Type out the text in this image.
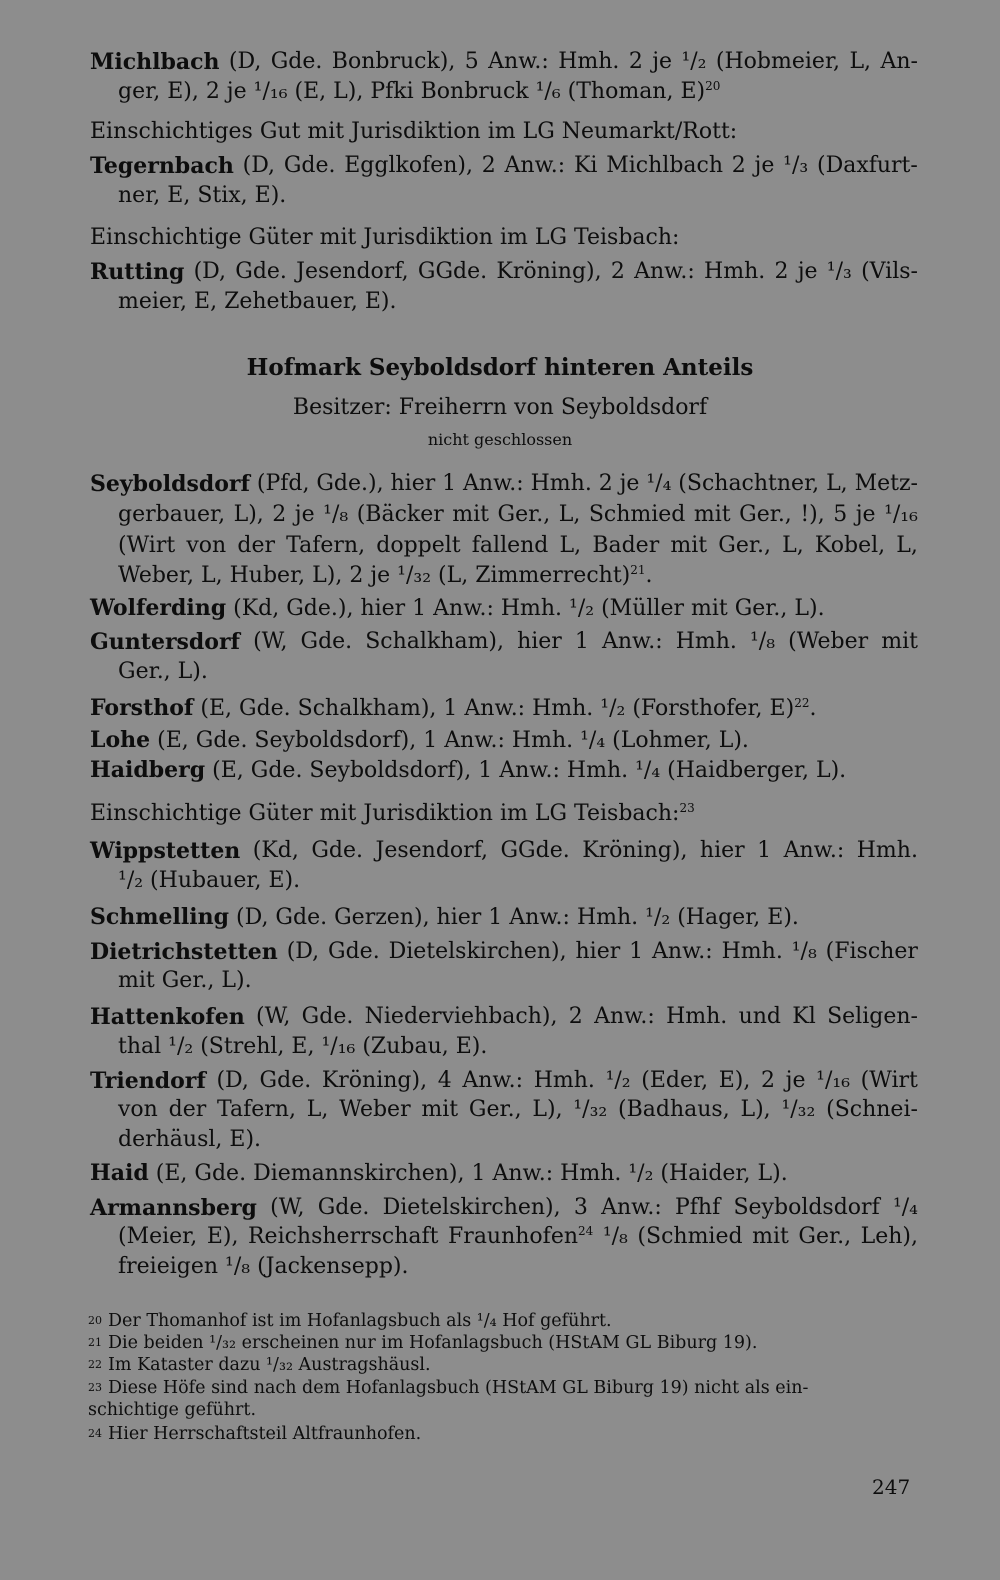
Michlbach (D, Gde. Bonbruck), 5 Anw.: Hmh. 2 je ¹/₂ (Hobmeier, L, An-
ger, E), 2 je ¹/₁₆ (E, L), Pfki Bonbruck ¹/₆ (Thoman, E)$^{20}$
Einschichtiges Gut mit Jurisdiktion im LG Neumarkt/Rott:
Tegernbach (D, Gde. Egglkofen), 2 Anw.: Ki Michlbach 2 je ¹/₃ (Daxfurt-
ner, E, Stix, E).
Einschichtige Güter mit Jurisdiktion im LG Teisbach:
Rutting (D, Gde. Jesendorf, GGde. Kröning), 2 Anw.: Hmh. 2 je ¹/₃ (Vils-
meier, E, Zehetbauer, E).
Seyboldsdorf (Pfd, Gde.), hier 1 Anw.: Hmh. 2 je ¹/₄ (Schachtner, L, Metz-
gerbauer, L), 2 je ¹/₈ (Bäcker mit Ger., L, Schmied mit Ger., !), 5 je ¹/₁₆
(Wirt von der Tafern, doppelt fallend L, Bader mit Ger., L, Kobel, L,
Weber, L, Huber, L), 2 je ¹/₃₂ (L, Zimmerrecht)$^{21}$.
Wolferding (Kd, Gde.), hier 1 Anw.: Hmh. ¹/₂ (Müller mit Ger., L).
Guntersdorf (W, Gde. Schalkham), hier 1 Anw.: Hmh. ¹/₈ (Weber mit
Ger., L).
Forsthof (E, Gde. Schalkham), 1 Anw.: Hmh. ¹/₂ (Forsthofer, E)$^{22}$.
Lohe (E, Gde. Seyboldsdorf), 1 Anw.: Hmh. ¹/₄ (Lohmer, L).
Haidberg (E, Gde. Seyboldsdorf), 1 Anw.: Hmh. ¹/₄ (Haidberger, L).
Einschichtige Güter mit Jurisdiktion im LG Teisbach:$^{23}$
Wippstetten (Kd, Gde. Jesendorf, GGde. Kröning), hier 1 Anw.: Hmh.
¹/₂ (Hubauer, E).
Schmelling (D, Gde. Gerzen), hier 1 Anw.: Hmh. ¹/₂ (Hager, E).
Dietrichstetten (D, Gde. Dietelskirchen), hier 1 Anw.: Hmh. ¹/₈ (Fischer
mit Ger., L).
Hattenkofen (W, Gde. Niederviehbach), 2 Anw.: Hmh. und Kl Seligen-
thal ¹/₂ (Strehl, E, ¹/₁₆ (Zubau, E).
Triendorf (D, Gde. Kröning), 4 Anw.: Hmh. ¹/₂ (Eder, E), 2 je ¹/₁₆ (Wirt
von der Tafern, L, Weber mit Ger., L), ¹/₃₂ (Badhaus, L), ¹/₃₂ (Schnei-
derhäusl, E).
Haid (E, Gde. Diemannskirchen), 1 Anw.: Hmh. ¹/₂ (Haider, L).
Armannsberg (W, Gde. Dietelskirchen), 3 Anw.: Pfhf Seyboldsdorf ¹/₄
(Meier, E), Reichsherrschaft Fraunhofen$^{24}$ ¹/₈ (Schmied mit Ger., Leh),
freieigen ¹/₈ (Jackensepp).
Hofmark Seyboldsdorf hinteren Anteils
Besitzer: Freiherrn von Seyboldsdorf
nicht geschlossen
20 Der Thomanhof ist im Hofanlagsbuch als ¹/₄ Hof geführt.
21 Die beiden ¹/₃₂ erscheinen nur im Hofanlagsbuch (HStAM GL Biburg 19).
22 Im Kataster dazu ¹/₃₂ Austragshäusl.
23 Diese Höfe sind nach dem Hofanlagsbuch (HStAM GL Biburg 19) nicht als ein-
schichtige geführt.
24 Hier Herrschaftsteil Altfraunhofen.
247
